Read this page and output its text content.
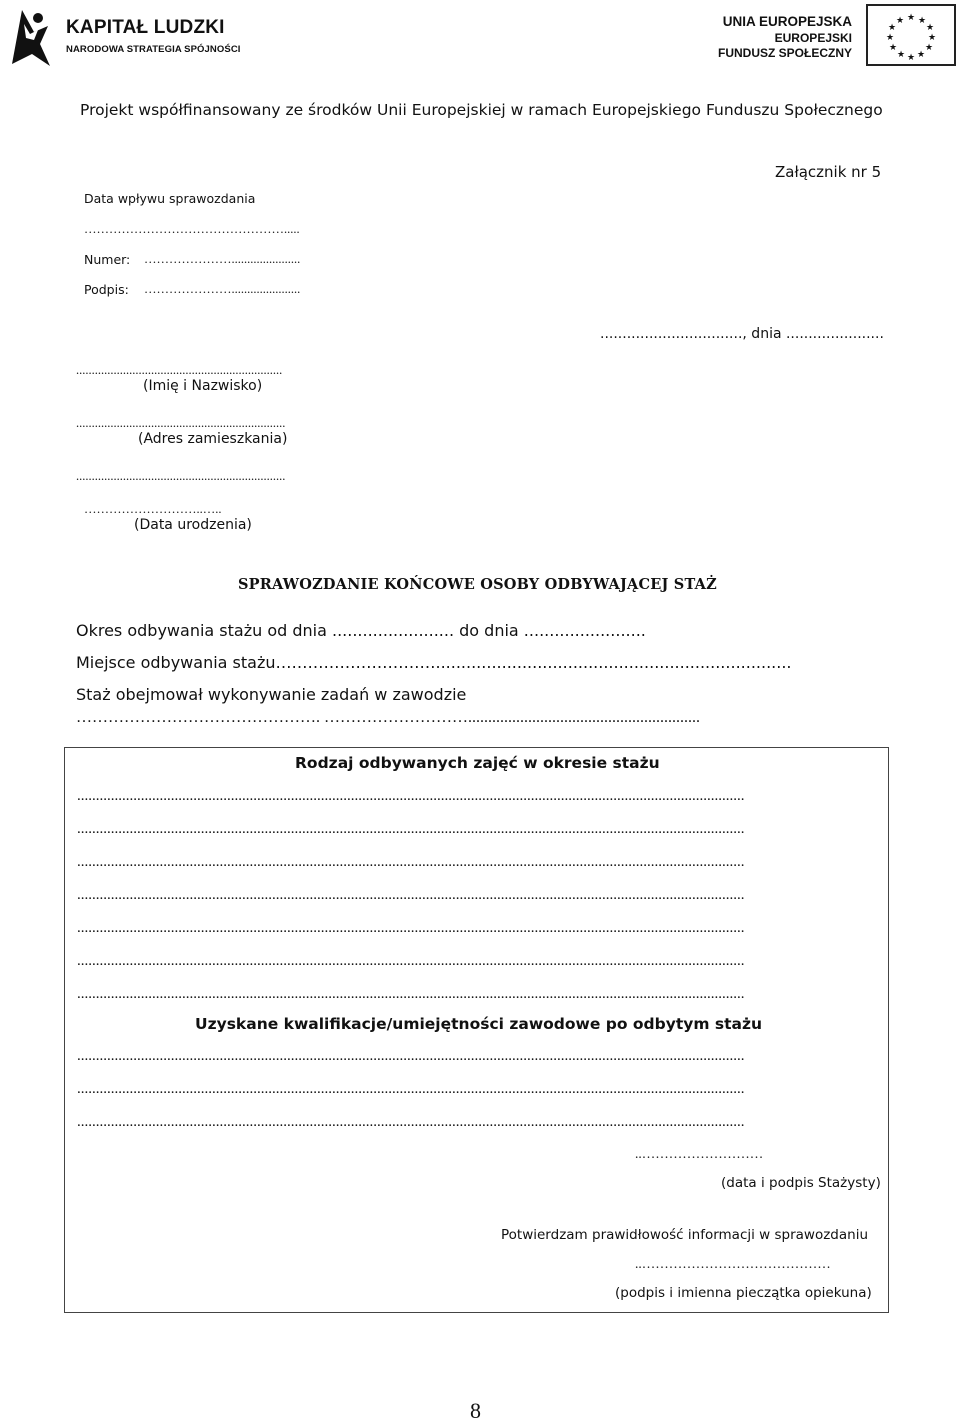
KAPITAŁ LUDZKI
NARODOWA STRATEGIA SPÓJNOŚCI
UNIA EUROPEJSKA
EUROPEJSKI
FUNDUSZ SPOŁECZNY
★ ★
★
★
★
★
★
★
★
★
★
★
Projekt współfinansowany ze środków Unii Europejskiej w ramach Europejskiego Funduszu Społecznego
Załącznik nr 5
Data wpływu sprawozdania
………………………………………….....
Numer: …………………......................
Podpis: …………………......................
................................, dnia ......................
..................................................................
(Imię i Nazwisko)
...................................................................
(Adres zamieszkania)
...................................................................
………………………..…..
(Data urodzenia)
SPRAWOZDANIE KOŃCOWE OSOBY ODBYWAJĄCEJ STAŻ
Okres odbywania stażu od dnia ........................ do dnia ........................
Miejsce odbywania stażu…………………………......................................................................
Staż obejmował wykonywanie zadań w zawodzie
………………………………………. ………………………..........................................................
Rodzaj odbywanych zajęć w okresie stażu
..................................................................................................................................................................................
..................................................................................................................................................................................
..................................................................................................................................................................................
..................................................................................................................................................................................
..................................................................................................................................................................................
..................................................................................................................................................................................
..................................................................................................................................................................................
Uzyskane kwalifikacje/umiejętności zawodowe po odbytym stażu
..................................................................................................................................................................................
..................................................................................................................................................................................
..................................................................................................................................................................................
..………………………
(data i podpis Stażysty)
Potwierdzam prawidłowość informacji w sprawozdaniu
..……………………………………
(podpis i imienna pieczątka opiekuna)
8
